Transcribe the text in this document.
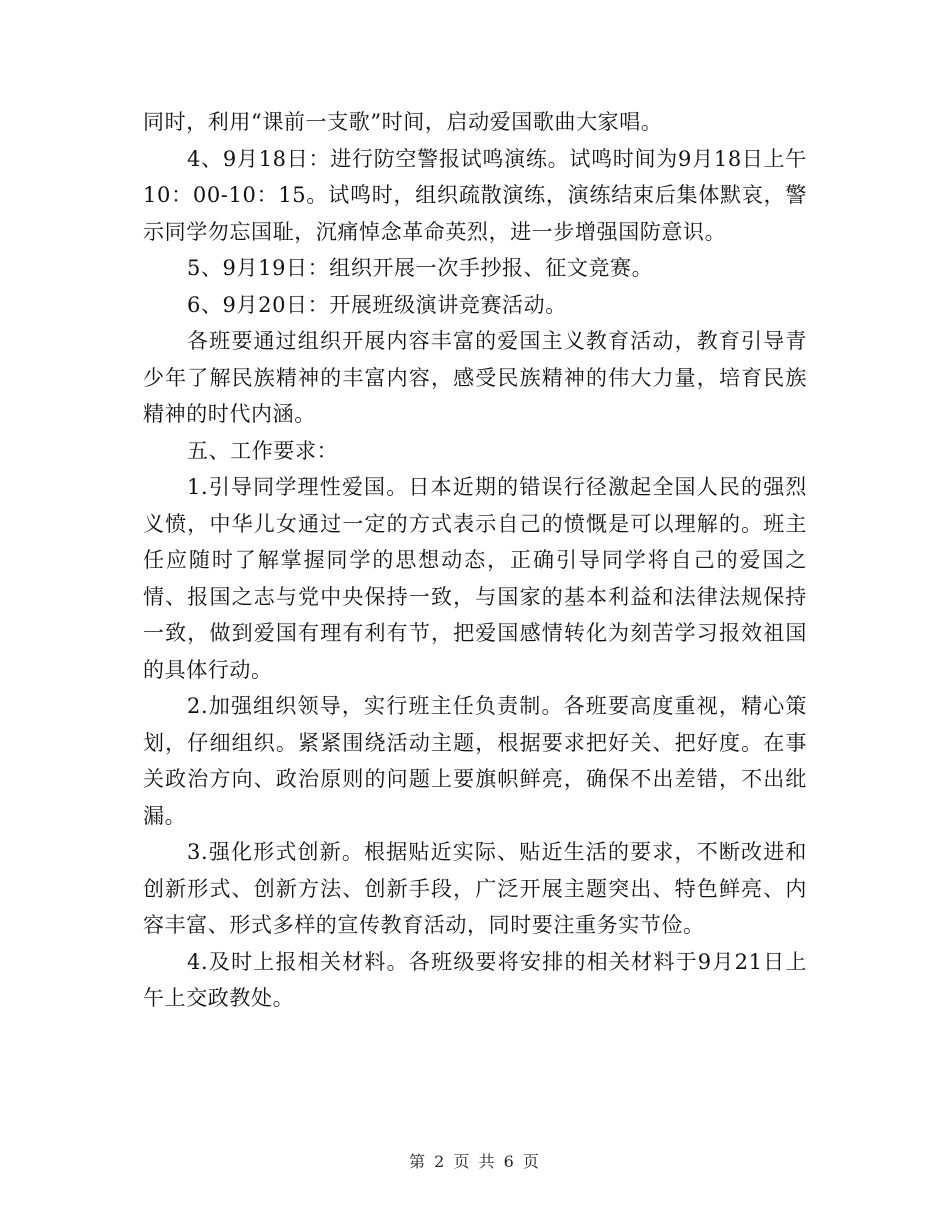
同时，利用“课前一支歌”时间，启动爱国歌曲大家唱。

4、9月18日：进行防空警报试鸣演练。试鸣时间为9月18日上午10：00-10：15。试鸣时，组织疏散演练，演练结束后集体默哀，警示同学勿忘国耻，沉痛悼念革命英烈，进一步增强国防意识。

5、9月19日：组织开展一次手抄报、征文竞赛。

6、9月20日：开展班级演讲竞赛活动。

各班要通过组织开展内容丰富的爱国主义教育活动，教育引导青少年了解民族精神的丰富内容，感受民族精神的伟大力量，培育民族精神的时代内涵。

五、工作要求：

1.引导同学理性爱国。日本近期的错误行径激起全国人民的强烈义愤，中华儿女通过一定的方式表示自己的愤慨是可以理解的。班主任应随时了解掌握同学的思想动态，正确引导同学将自己的爱国之情、报国之志与党中央保持一致，与国家的基本利益和法律法规保持一致，做到爱国有理有利有节，把爱国感情转化为刻苦学习报效祖国的具体行动。

2.加强组织领导，实行班主任负责制。各班要高度重视，精心策划，仔细组织。紧紧围绕活动主题，根据要求把好关、把好度。在事关政治方向、政治原则的问题上要旗帜鲜亮，确保不出差错，不出纰漏。

3.强化形式创新。根据贴近实际、贴近生活的要求，不断改进和创新形式、创新方法、创新手段，广泛开展主题突出、特色鲜亮、内容丰富、形式多样的宣传教育活动，同时要注重务实节俭。

4.及时上报相关材料。各班级要将安排的相关材料于9月21日上午上交政教处。

第 2 页 共 6 页
